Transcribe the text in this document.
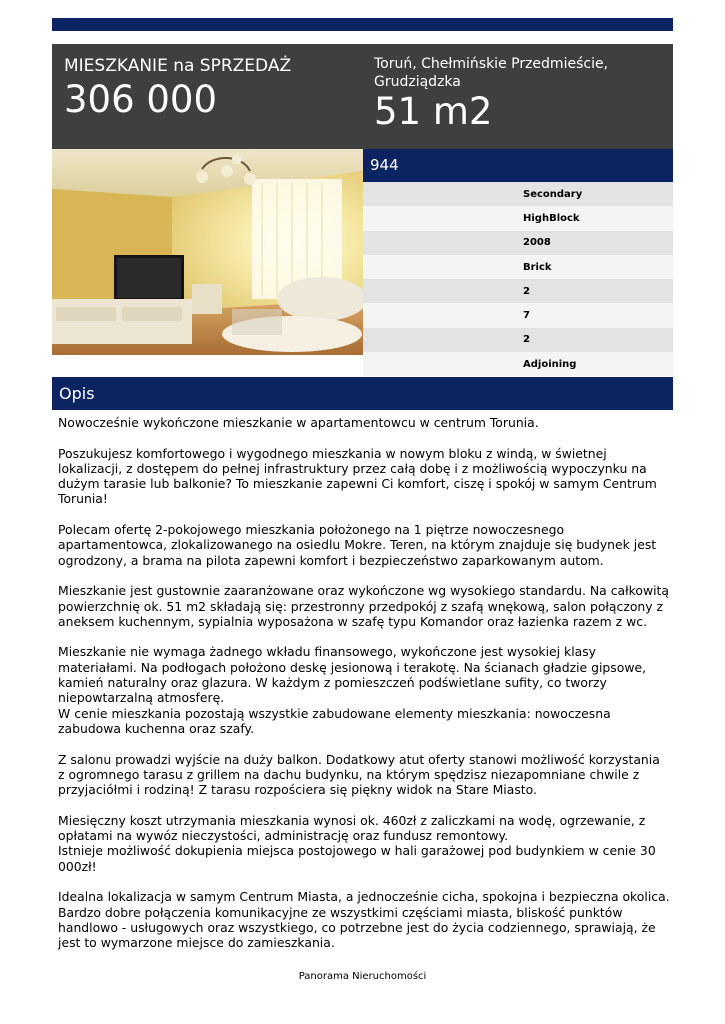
MIESZKANIE na SPRZEDAŻ
306 000
Toruń, Chełmińskie Przedmieście, Grudziądzka
51 m2
944
Secondary
HighBlock
2008
Brick
2
7
2
Adjoining
Opis

Nowocześnie wykończone mieszkanie w apartamentowcu w centrum Torunia.

Poszukujesz komfortowego i wygodnego mieszkania w nowym bloku z windą, w świetnej lokalizacji, z dostępem do pełnej infrastruktury przez całą dobę i z możliwością wypoczynku na dużym tarasie lub balkonie? To mieszkanie zapewni Ci komfort, ciszę i spokój w samym Centrum Torunia!

Polecam ofertę 2-pokojowego mieszkania położonego na 1 piętrze nowoczesnego apartamentowca, zlokalizowanego na osiedlu Mokre. Teren, na którym znajduje się budynek jest ogrodzony, a brama na pilota zapewni komfort i bezpieczeństwo zaparkowanym autom.

Mieszkanie jest gustownie zaaranżowane oraz wykończone wg wysokiego standardu. Na całkowitą powierzchnię ok. 51 m2 składają się: przestronny przedpokój z szafą wnękową, salon połączony z aneksem kuchennym, sypialnia wyposażona w szafę typu Komandor oraz łazienka razem z wc.

Mieszkanie nie wymaga żadnego wkładu finansowego, wykończone jest wysokiej klasy materiałami. Na podłogach położono deskę jesionową i terakotę. Na ścianach gładzie gipsowe, kamień naturalny oraz glazura. W każdym z pomieszczeń podświetlane sufity, co tworzy niepowtarzalną atmosferę.
W cenie mieszkania pozostają wszystkie zabudowane elementy mieszkania: nowoczesna zabudowa kuchenna oraz szafy.

Z salonu prowadzi wyjście na duży balkon. Dodatkowy atut oferty stanowi możliwość korzystania z ogromnego tarasu z grillem na dachu budynku, na którym spędzisz niezapomniane chwile z przyjaciółmi i rodziną! Z tarasu rozpościera się piękny widok na Stare Miasto.

Miesięczny koszt utrzymania mieszkania wynosi ok. 460zł z zaliczkami na wodę, ogrzewanie, z opłatami na wywóz nieczystości, administrację oraz fundusz remontowy.
Istnieje możliwość dokupienia miejsca postojowego w hali garażowej pod budynkiem w cenie 30 000zł!

Idealna lokalizacja w samym Centrum Miasta, a jednocześnie cicha, spokojna i bezpieczna okolica. Bardzo dobre połączenia komunikacyjne ze wszystkimi częściami miasta, bliskość punktów handlowo - usługowych oraz wszystkiego, co potrzebne jest do życia codziennego, sprawiają, że jest to wymarzone miejsce do zamieszkania.

Panorama Nieruchomości
